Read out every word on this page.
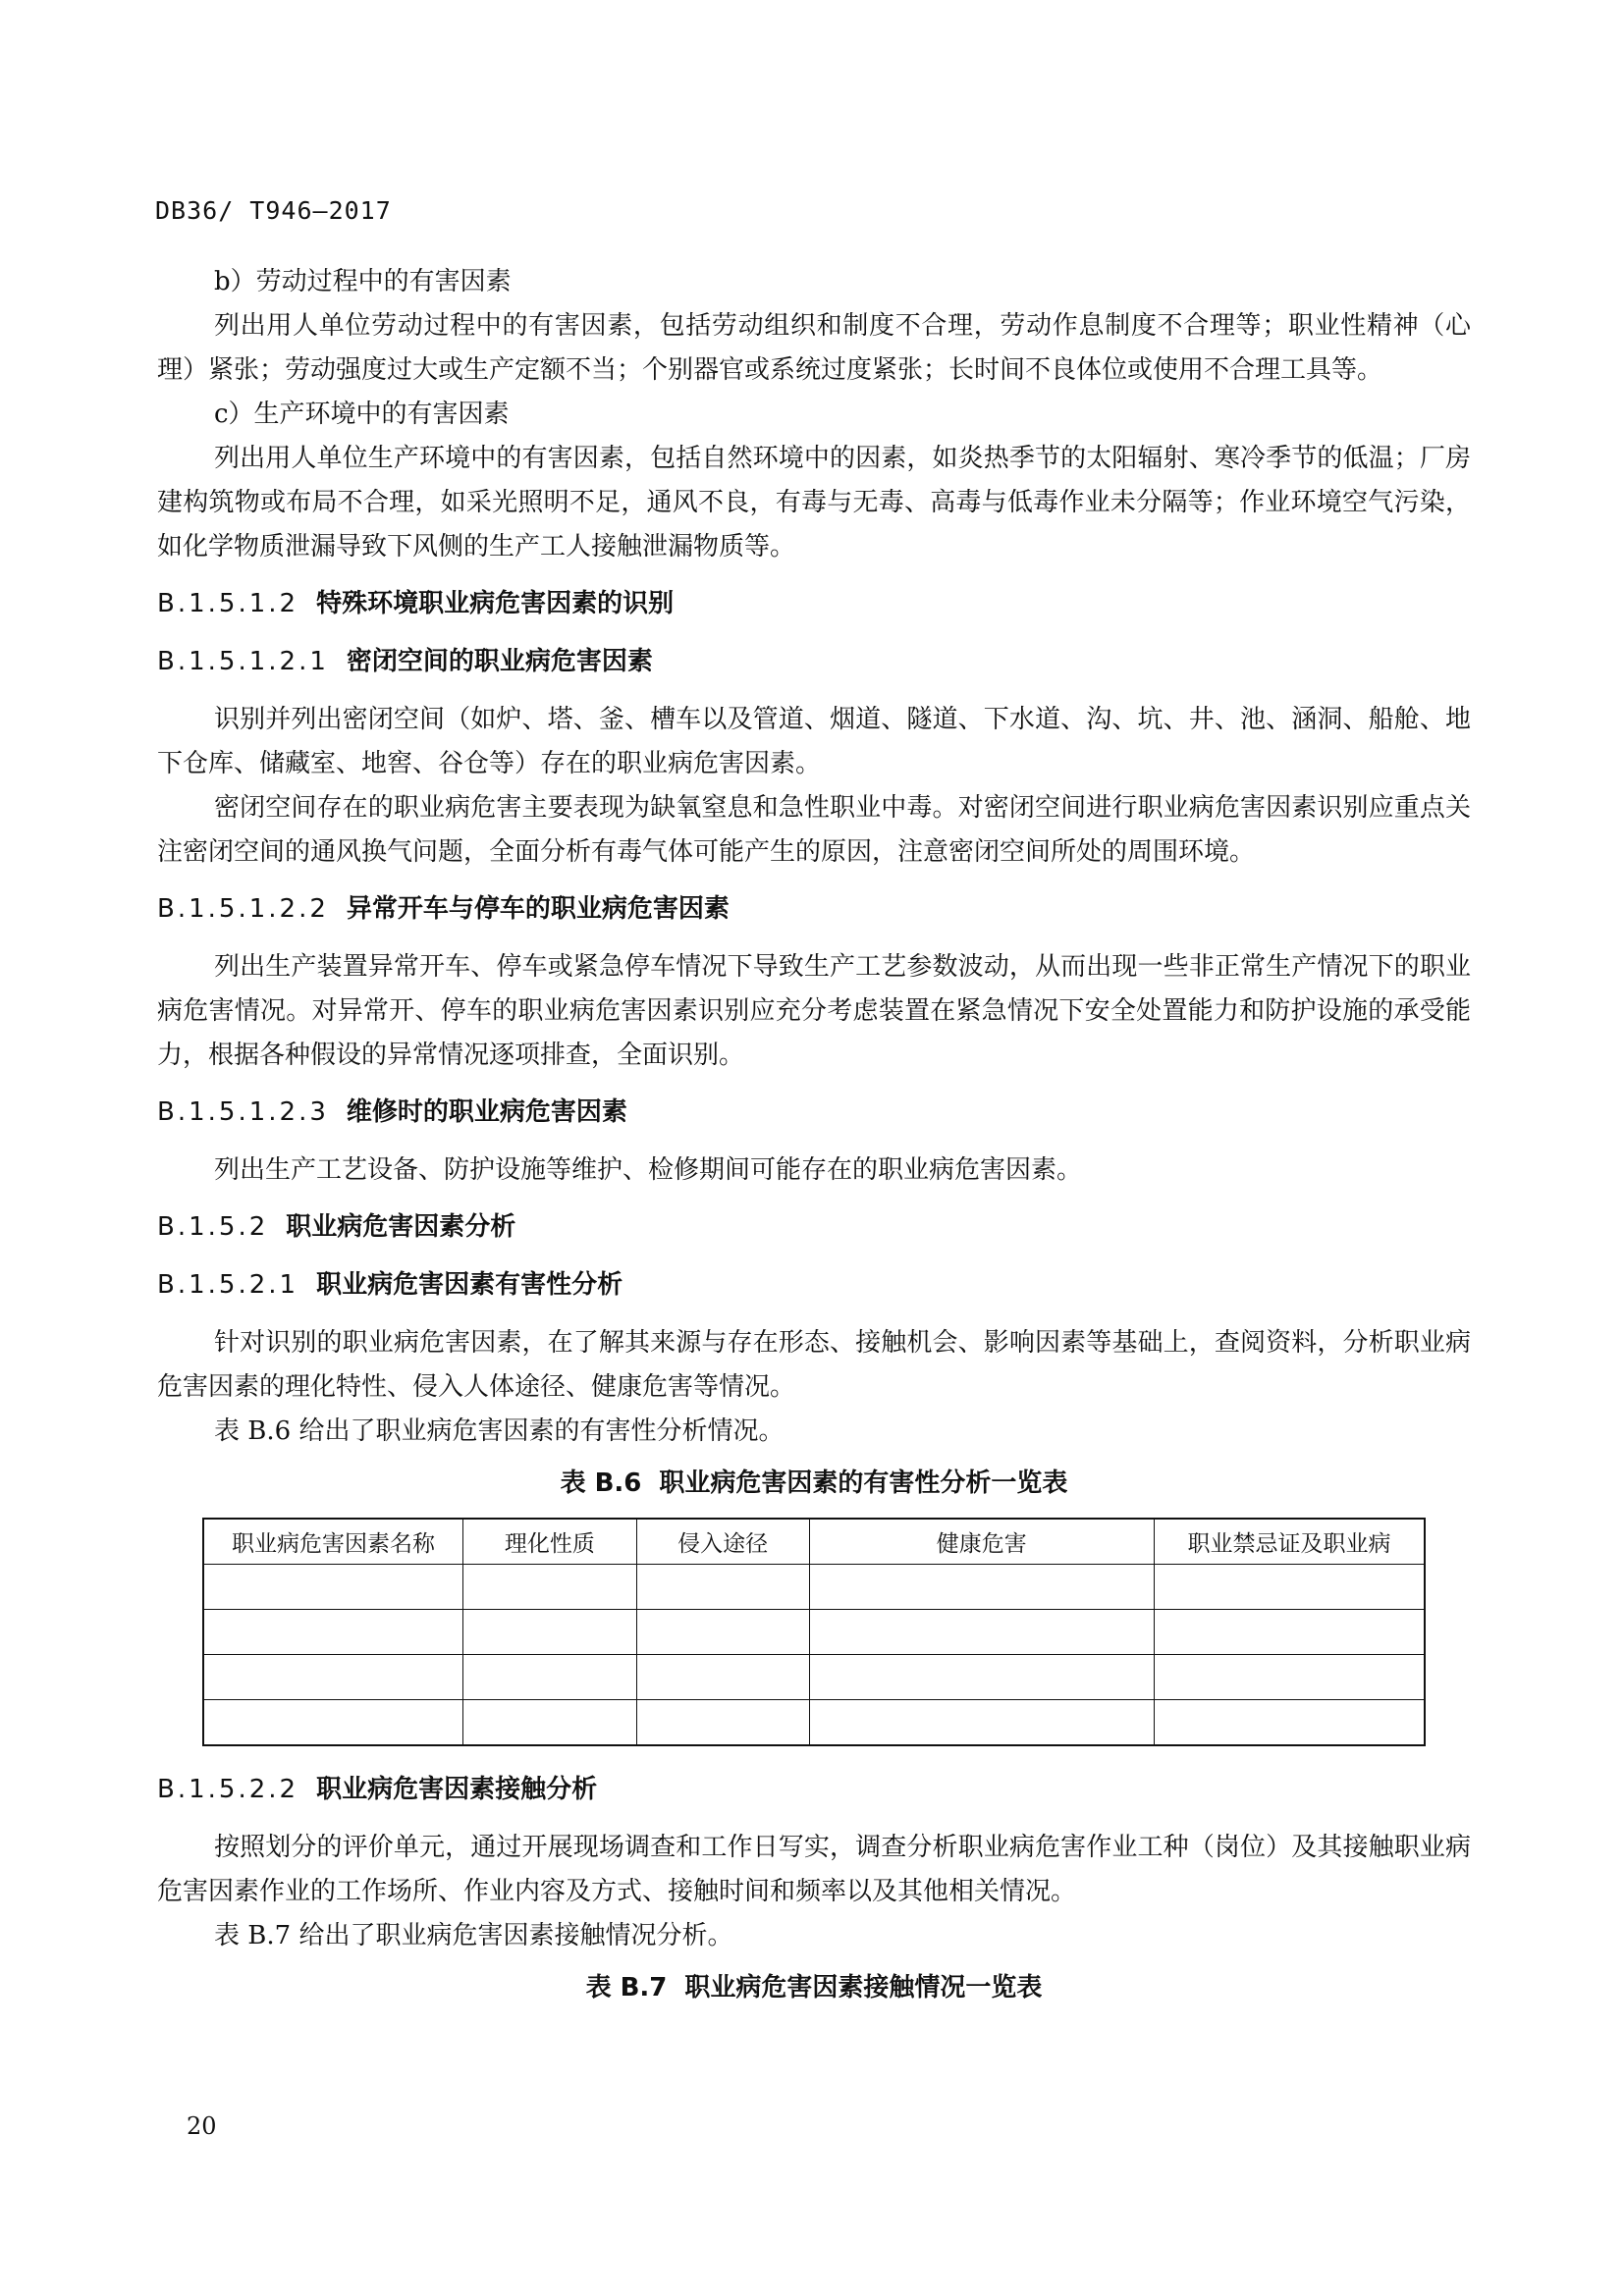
DB36/ T946—2017

b）劳动过程中的有害因素

列出用人单位劳动过程中的有害因素，包括劳动组织和制度不合理，劳动作息制度不合理等；职业性精神（心理）紧张；劳动强度过大或生产定额不当；个别器官或系统过度紧张；长时间不良体位或使用不合理工具等。

c）生产环境中的有害因素

列出用人单位生产环境中的有害因素，包括自然环境中的因素，如炎热季节的太阳辐射、寒冷季节的低温；厂房建构筑物或布局不合理，如采光照明不足，通风不良，有毒与无毒、高毒与低毒作业未分隔等；作业环境空气污染，如化学物质泄漏导致下风侧的生产工人接触泄漏物质等。

B.1.5.1.2 特殊环境职业病危害因素的识别
B.1.5.1.2.1 密闭空间的职业病危害因素

识别并列出密闭空间（如炉、塔、釜、槽车以及管道、烟道、隧道、下水道、沟、坑、井、池、涵洞、船舱、地下仓库、储藏室、地窖、谷仓等）存在的职业病危害因素。

密闭空间存在的职业病危害主要表现为缺氧窒息和急性职业中毒。对密闭空间进行职业病危害因素识别应重点关注密闭空间的通风换气问题，全面分析有毒气体可能产生的原因，注意密闭空间所处的周围环境。

B.1.5.1.2.2 异常开车与停车的职业病危害因素

列出生产装置异常开车、停车或紧急停车情况下导致生产工艺参数波动，从而出现一些非正常生产情况下的职业病危害情况。对异常开、停车的职业病危害因素识别应充分考虑装置在紧急情况下安全处置能力和防护设施的承受能力，根据各种假设的异常情况逐项排查，全面识别。

B.1.5.1.2.3 维修时的职业病危害因素

列出生产工艺设备、防护设施等维护、检修期间可能存在的职业病危害因素。

B.1.5.2 职业病危害因素分析
B.1.5.2.1 职业病危害因素有害性分析

针对识别的职业病危害因素，在了解其来源与存在形态、接触机会、影响因素等基础上，查阅资料，分析职业病危害因素的理化特性、侵入人体途径、健康危害等情况。

表 B.6 给出了职业病危害因素的有害性分析情况。

表 B.6 职业病危害因素的有害性分析一览表
职业病危害因素名称	理化性质	侵入途径	健康危害	职业禁忌证及职业病

B.1.5.2.2 职业病危害因素接触分析

按照划分的评价单元，通过开展现场调查和工作日写实，调查分析职业病危害作业工种（岗位）及其接触职业病危害因素作业的工作场所、作业内容及方式、接触时间和频率以及其他相关情况。

表 B.7 给出了职业病危害因素接触情况分析。

表 B.7 职业病危害因素接触情况一览表
20
